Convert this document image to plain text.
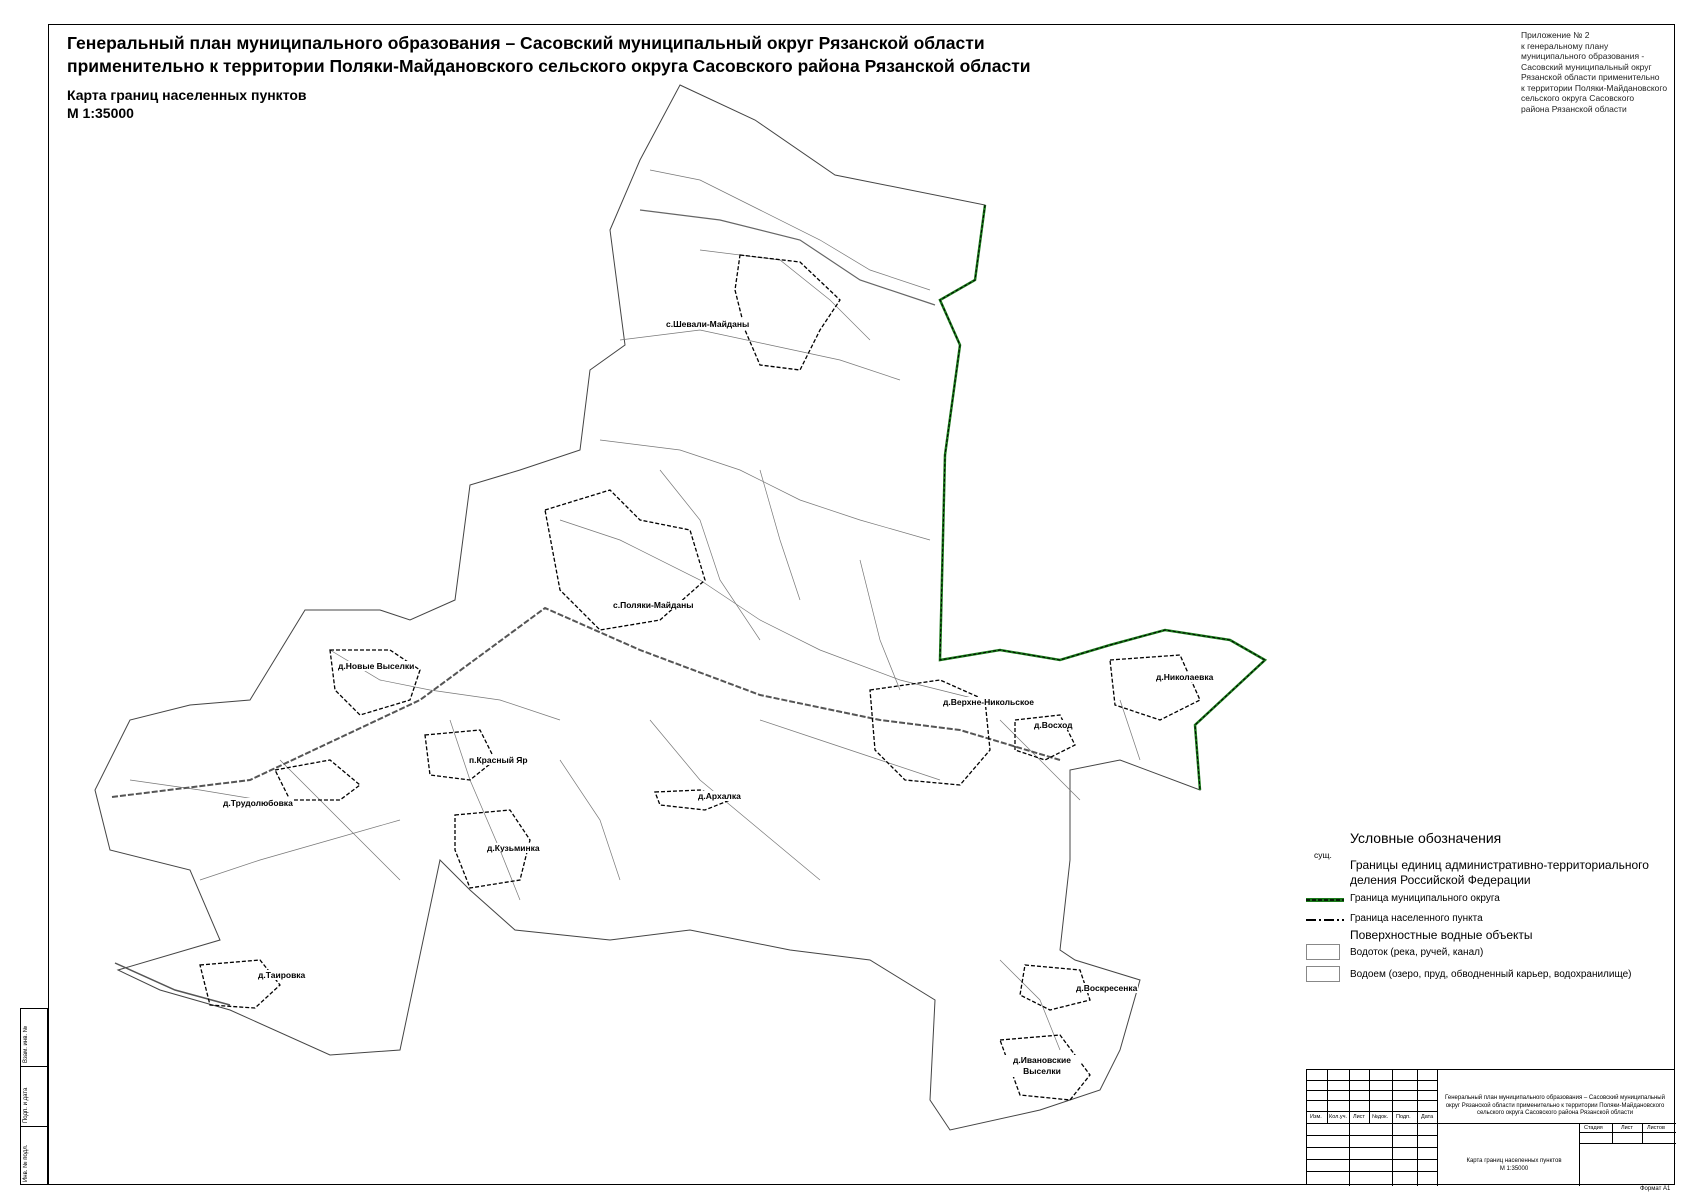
Взам. инв. №
Подп. и дата
Инв. № подл.
Генеральный план муниципального образования – Сасовский муниципальный округ Рязанской области
применительно к территории Поляки-Майдановского сельского округа Сасовского района Рязанской области
Карта границ населенных пунктов
М 1:35000
Приложение № 2
к генеральному плану
муниципального образования -
Сасовский муниципальный округ
Рязанской области применительно
к территории Поляки-Майдановского
сельского округа Сасовского
района Рязанской области
с.Шевали-Майданы
с.Поляки-Майданы
д.Новые Выселки
п.Красный Яр
д.Трудолюбовка
д.Архалка
д.Кузьминка
д.Таировка
д.Верхне-Никольское
д.Восход
д.Николаевка
д.Воскресенка
д.Ивановские Выселки
Условные обозначения
сущ.
Границы единиц административно-территориального деления Российской Федерации
Граница муниципального округа
Граница населенного пункта
Поверхностные водные объекты
Водоток (река, ручей, канал)
Водоем (озеро, пруд, обводненный карьер, водохранилище)
Изм. Кол.уч. Лист №док. Подп. Дата
Генеральный план муниципального образования – Сасовский муниципальный округ Рязанской области применительно к территории Поляки-Майдановского сельского округа Сасовского района Рязанской области
Стадия	Лист	Листов
Карта границ населенных пунктов
М 1:35000
Формат А1
